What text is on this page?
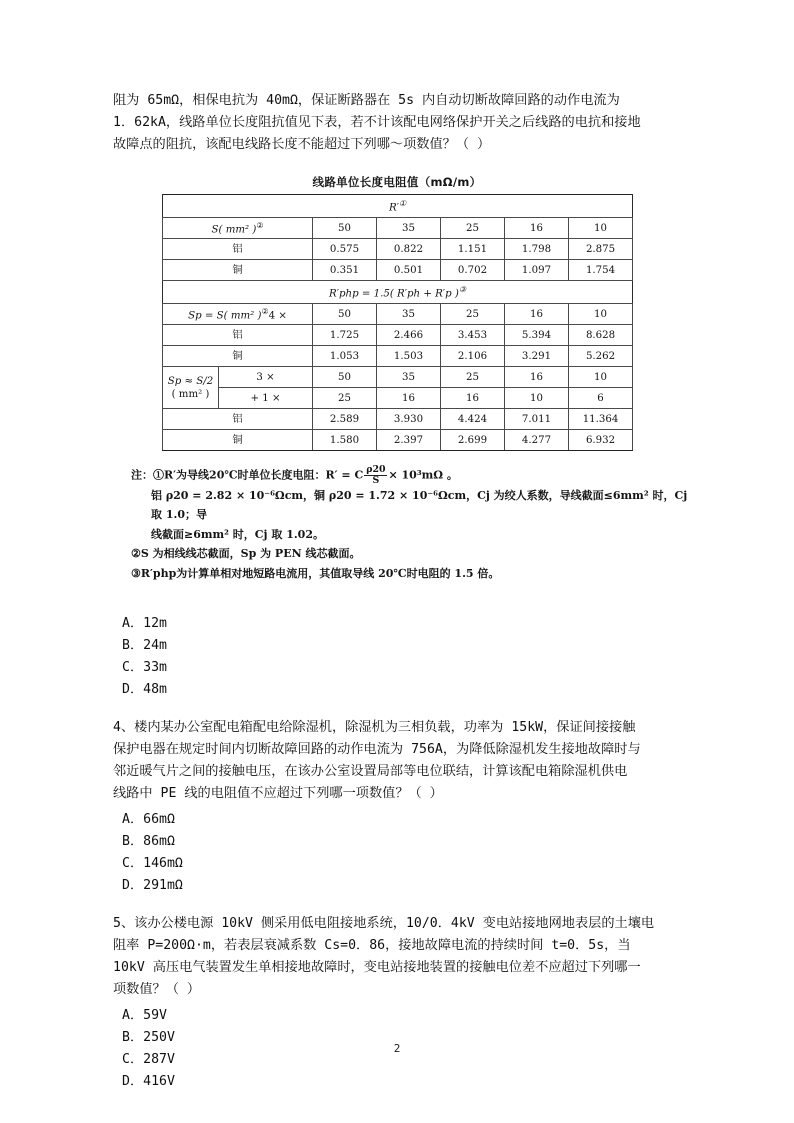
阻为 65mΩ，相保电抗为 40mΩ，保证断路器在 5s 内自动切断故障回路的动作电流为
1．62kA，线路单位长度阻抗值见下表，若不计该配电网络保护开关之后线路的电抗和接地
故障点的阻抗，该配电线路长度不能超过下列哪～项数值？（ ）
线路单位长度电阻值（mΩ/m）
R′①
S( mm² )②		50	35	25	16	10
铝		0.575	0.822	1.151	1.798	2.875
铜		0.351	0.501	0.702	1.097	1.754
R′php = 1.5( R′ph + R′p )③
Sp = S( mm² )②4 ×		50	35	25	16	10
铝		1.725	2.466	3.453	5.394	8.628
铜		1.053	1.503	2.106	3.291	5.262

Sp ≈ S/2
( mm² )	3 ×	50	35	25	16	10
	+ 1 ×	25	16	16	10	6
铝		2.589	3.930	4.424	7.011	11.364
铜		1.580	2.397	2.699	4.277	6.932
注：①R′为导线20℃时单位长度电阻：R′ = C $\frac{\rho 20}{S} \times 10^3m\Omega$ 。
铝 ρ20 = 2.82 × 10⁻⁶Ωcm，铜 ρ20 = 1.72 × 10⁻⁶Ωcm，Cj 为绞人系数，导线截面≤6mm² 时，Cj 取 1.0；导
线截面≥6mm² 时，Cj 取 1.02。
②S 为相线线芯截面，Sp 为 PEN 线芯截面。
③R′php为计算单相对地短路电流用，其值取导线 20℃时电阻的 1.5 倍。
A．12m
B．24m
C．33m
D．48m
4、楼内某办公室配电箱配电给除湿机，除湿机为三相负载，功率为 15kW，保证间接接触
保护电器在规定时间内切断故障回路的动作电流为 756A，为降低除湿机发生接地故障时与
邻近暖气片之间的接触电压，在该办公室设置局部等电位联结，计算该配电箱除湿机供电
线路中 PE 线的电阻值不应超过下列哪一项数值？（ ）
A．66mΩ
B．86mΩ
C．146mΩ
D．291mΩ
5、该办公楼电源 10kV 侧采用低电阻接地系统，10/0．4kV 变电站接地网地表层的土壤电
阻率 P=200Ω·m，若表层衰减系数 Cs=0．86，接地故障电流的持续时间 t=0．5s，当
10kV 高压电气装置发生单相接地故障时，变电站接地装置的接触电位差不应超过下列哪一
项数值？（ ）
A．59V
B．250V
C．287V
D．416V
2
